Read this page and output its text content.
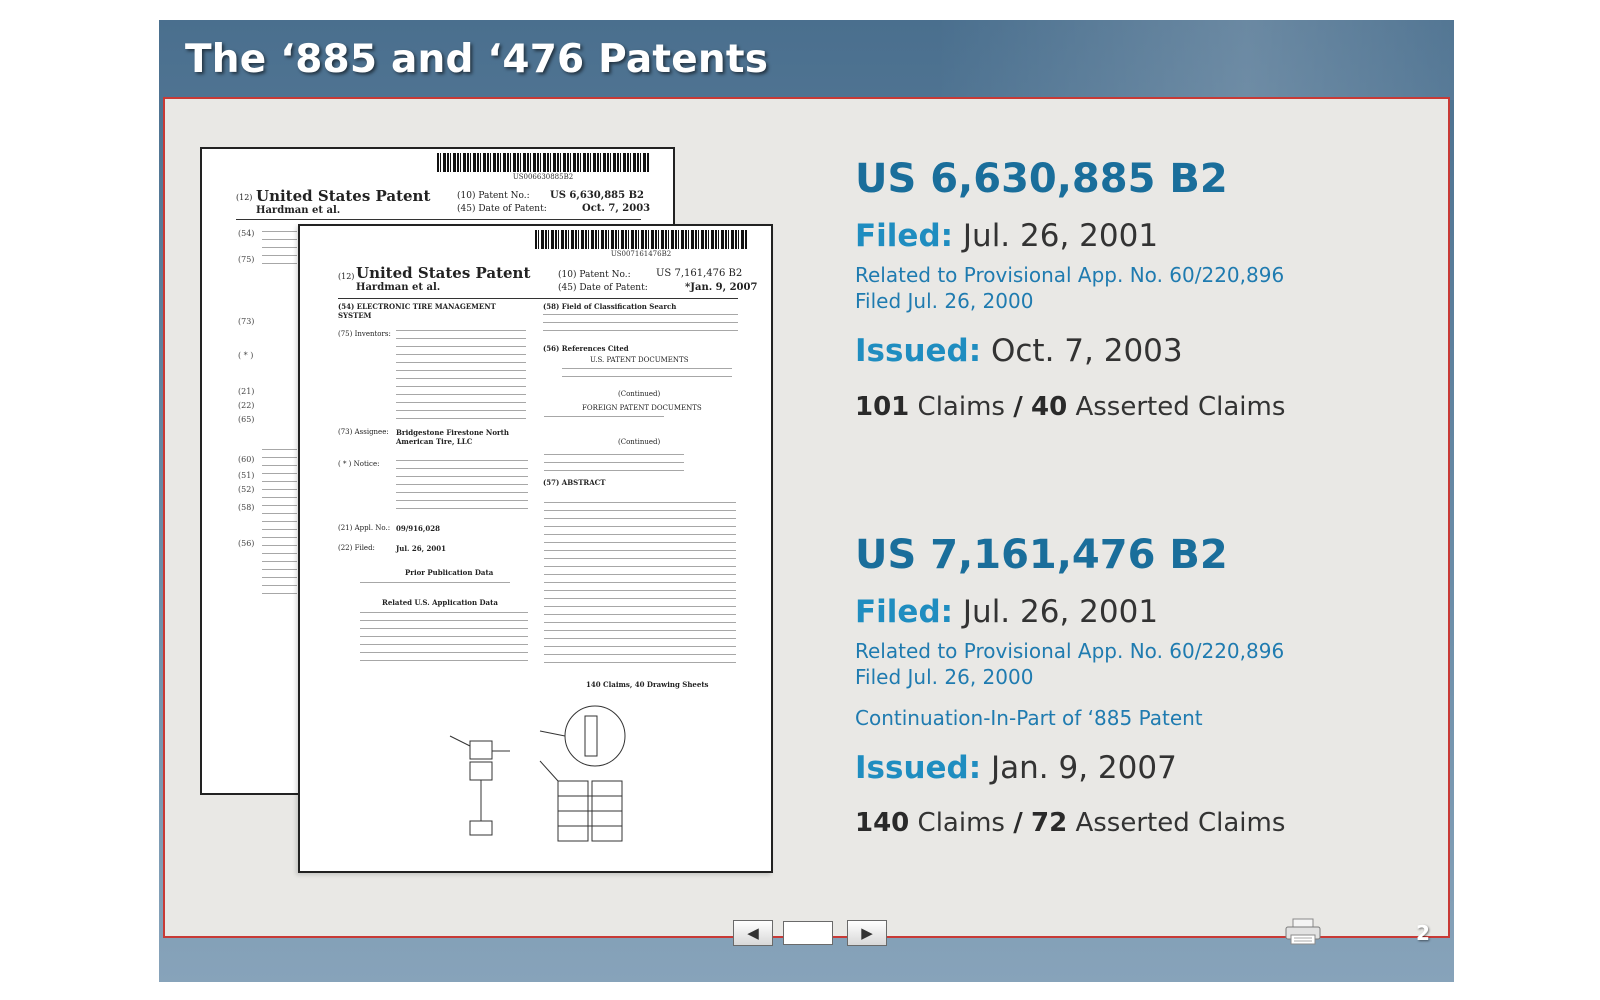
The ‘885 and ‘476 Patents
US006630885B2
(12) United States Patent
Hardman et al.
(10) Patent No.: US 6,630,885 B2
(45) Date of Patent:	Oct. 7, 2003
(54)
(75)
(73)
( * )
(21)
(22)
(65)
(60)
(51)
(52)
(58)
(56)
US007161476B2
(12) United States Patent
Hardman et al.
(10) Patent No.:	US 7,161,476 B2
(45) Date of Patent:	*Jan. 9, 2007
(54) ELECTRONIC TIRE MANAGEMENT SYSTEM
(58) Field of Classification Search
(75) Inventors:
(56) References Cited
U.S. PATENT DOCUMENTS
(Continued)
FOREIGN PATENT DOCUMENTS
(Continued)
(73) Assignee: Bridgestone Firestone North American Tire, LLC
( * ) Notice:
(57) ABSTRACT
(21) Appl. No.: 09/916,028
(22) Filed:	Jul. 26, 2001
Prior Publication Data
Related U.S. Application Data
140 Claims, 40 Drawing Sheets
US 6,630,885 B2
Filed: Jul. 26, 2001
Related to Provisional App. No. 60/220,896
Filed Jul. 26, 2000
Issued: Oct. 7, 2003
101 Claims / 40 Asserted Claims
US 7,161,476 B2
Filed: Jul. 26, 2001
Related to Provisional App. No. 60/220,896
Filed Jul. 26, 2000
Continuation-In-Part of ‘885 Patent
Issued: Jan. 9, 2007
140 Claims / 72 Asserted Claims
◀	▶	2
